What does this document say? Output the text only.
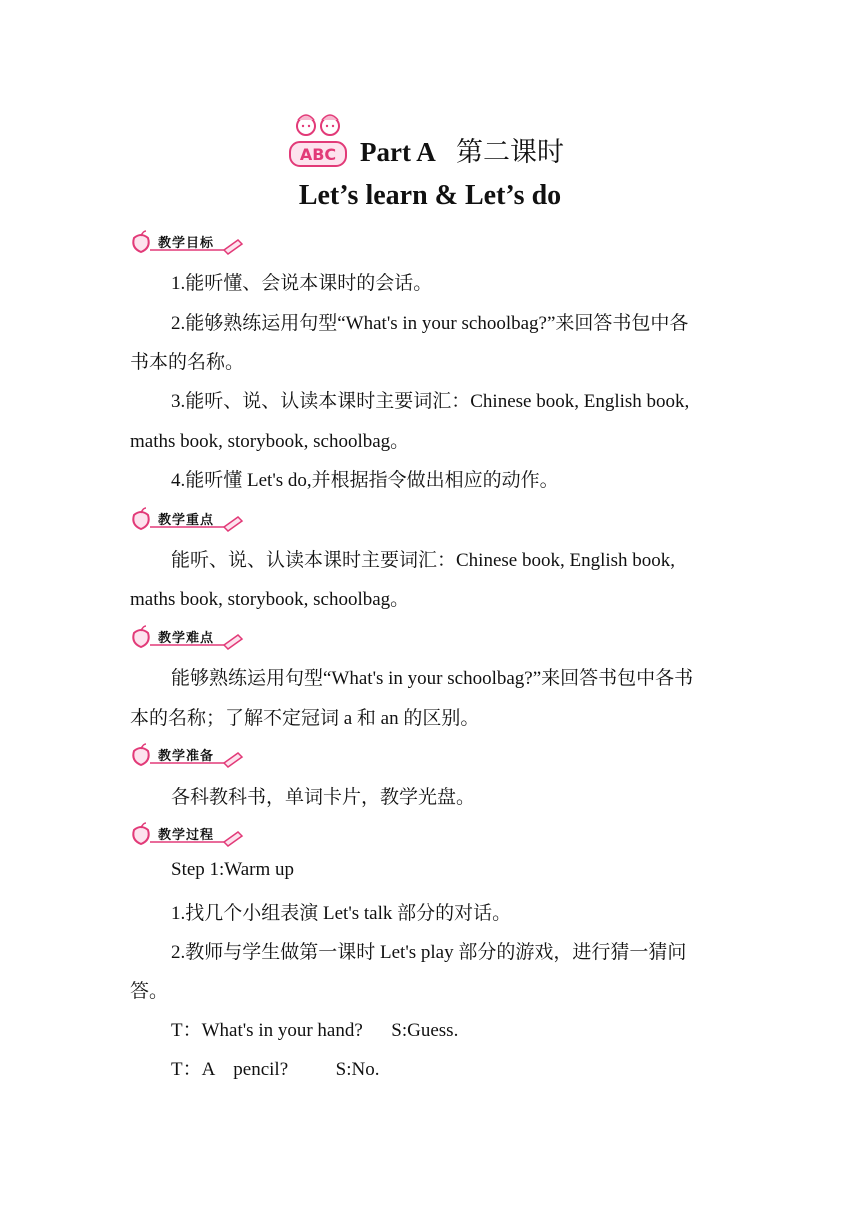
ABC Part A 第二课时
Let’s learn & Let’s do
教学目标
1.能听懂、会说本课时的会话。
2.能够熟练运用句型“What's in your schoolbag?”来回答书包中各
书本的名称。
3.能听、说、认读本课时主要词汇：Chinese book, English book,
maths book, storybook, schoolbag。
4.能听懂 Let's do,并根据指令做出相应的动作。
教学重点
能听、说、认读本课时主要词汇：Chinese book, English book,
maths book, storybook, schoolbag。
教学难点
能够熟练运用句型“What's in your schoolbag?”来回答书包中各书
本的名称；了解不定冠词 a 和 an 的区别。
教学准备
各科教科书，单词卡片，教学光盘。
教学过程
Step 1:Warm up
1.找几个小组表演 Let's talk 部分的对话。
2.教师与学生做第一课时 Let's play 部分的游戏，进行猜一猜问
答。
T：What's in your hand?      S:Guess.
T：A    pencil?          S:No.
